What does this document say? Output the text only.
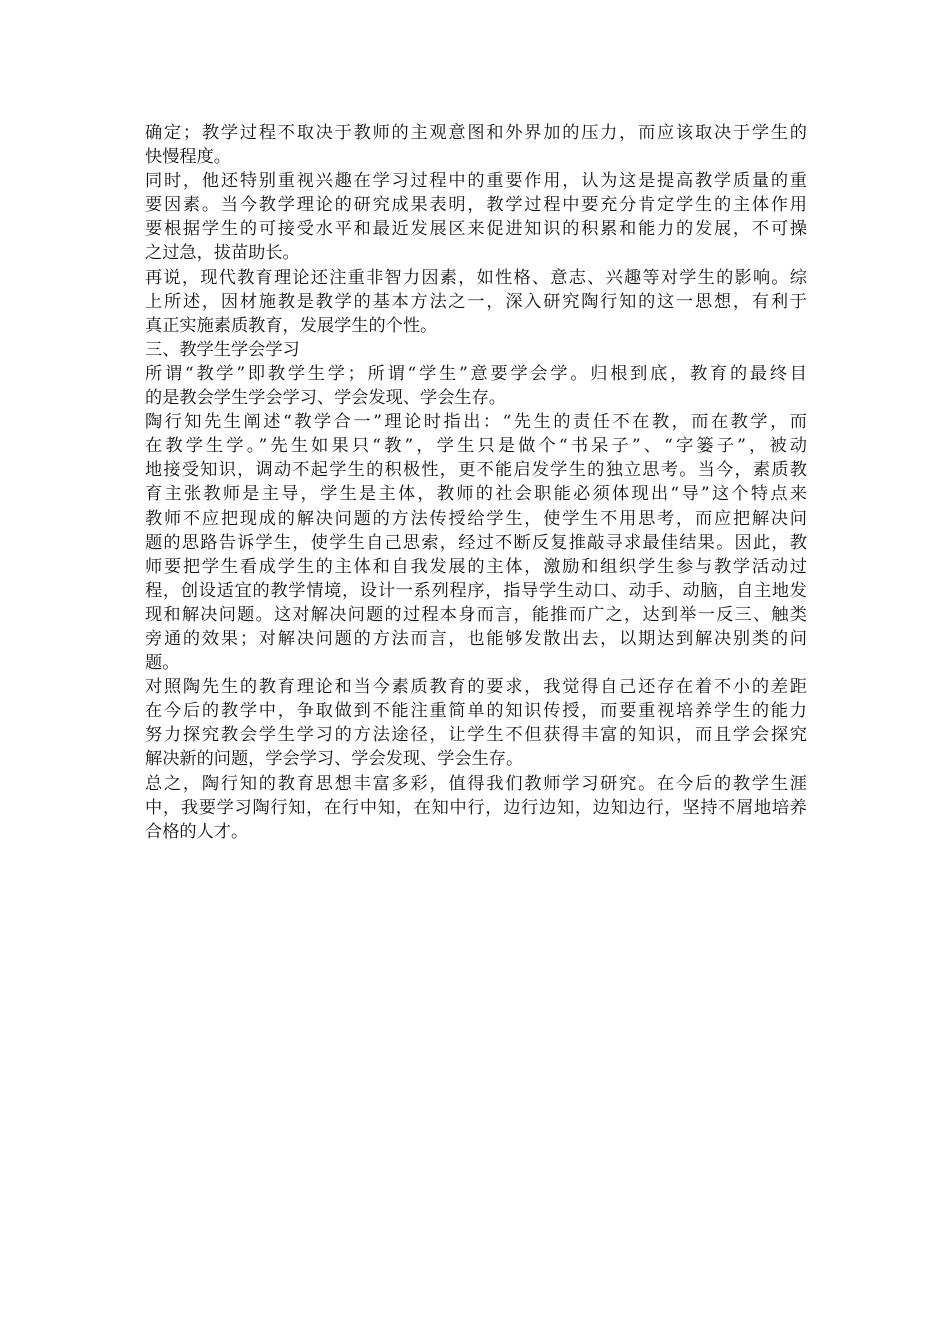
确定；教学过程不取决于教师的主观意图和外界加的压力，而应该取决于学生的
快慢程度。
同时，他还特别重视兴趣在学习过程中的重要作用，认为这是提高教学质量的重
要因素。当今教学理论的研究成果表明，教学过程中要充分肯定学生的主体作用
要根据学生的可接受水平和最近发展区来促进知识的积累和能力的发展，不可操
之过急，拔苗助长。
再说，现代教育理论还注重非智力因素，如性格、意志、兴趣等对学生的影响。综
上所述，因材施教是教学的基本方法之一，深入研究陶行知的这一思想，有利于
真正实施素质教育，发展学生的个性。
三、教学生学会学习
所谓“教学”即教学生学；所谓“学生”意要学会学。归根到底，教育的最终目
的是教会学生学会学习、学会发现、学会生存。
陶行知先生阐述“教学合一”理论时指出：“先生的责任不在教，而在教学，而
在教学生学。”先生如果只“教”，学生只是做个“书呆子”、“字篓子”，被动
地接受知识，调动不起学生的积极性，更不能启发学生的独立思考。当今，素质教
育主张教师是主导，学生是主体，教师的社会职能必须体现出“导”这个特点来
教师不应把现成的解决问题的方法传授给学生，使学生不用思考，而应把解决问
题的思路告诉学生，使学生自己思索，经过不断反复推敲寻求最佳结果。因此，教
师要把学生看成学生的主体和自我发展的主体，激励和组织学生参与教学活动过
程，创设适宜的教学情境，设计一系列程序，指导学生动口、动手、动脑，自主地发
现和解决问题。这对解决问题的过程本身而言，能推而广之，达到举一反三、触类
旁通的效果；对解决问题的方法而言，也能够发散出去，以期达到解决别类的问
题。
对照陶先生的教育理论和当今素质教育的要求，我觉得自己还存在着不小的差距
在今后的教学中，争取做到不能注重简单的知识传授，而要重视培养学生的能力
努力探究教会学生学习的方法途径，让学生不但获得丰富的知识，而且学会探究
解决新的问题，学会学习、学会发现、学会生存。
总之，陶行知的教育思想丰富多彩，值得我们教师学习研究。在今后的教学生涯
中，我要学习陶行知，在行中知，在知中行，边行边知，边知边行，坚持不屑地培养
合格的人才。
